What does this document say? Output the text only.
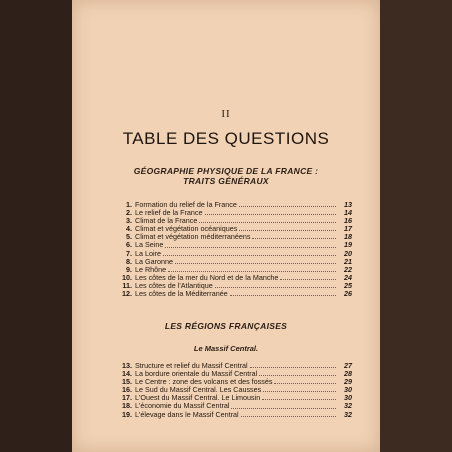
II
TABLE DES QUESTIONS
GÉOGRAPHIE PHYSIQUE DE LA FRANCE :
TRAITS GÉNÉRAUX
1. Formation du relief de la France	13
2. Le relief de la France	14
3. Climat de la France	16
4. Climat et végétation océaniques	17
5. Climat et végétation méditerranéens	18
6. La Seine	19
7. La Loire	20
8. La Garonne	21
9. Le Rhône	22
10. Les côtes de la mer du Nord et de la Manche	24
11. Les côtes de l'Atlantique	25
12. Les côtes de la Méditerranée	26
LES RÉGIONS FRANÇAISES
Le Massif Central.
13. Structure et relief du Massif Central	27
14. La bordure orientale du Massif Central	28
15. Le Centre : zone des volcans et des fossés	29
16. Le Sud du Massif Central. Les Causses	30
17. L'Ouest du Massif Central. Le Limousin	30
18. L'économie du Massif Central	32
19. L'élevage dans le Massif Central	32
